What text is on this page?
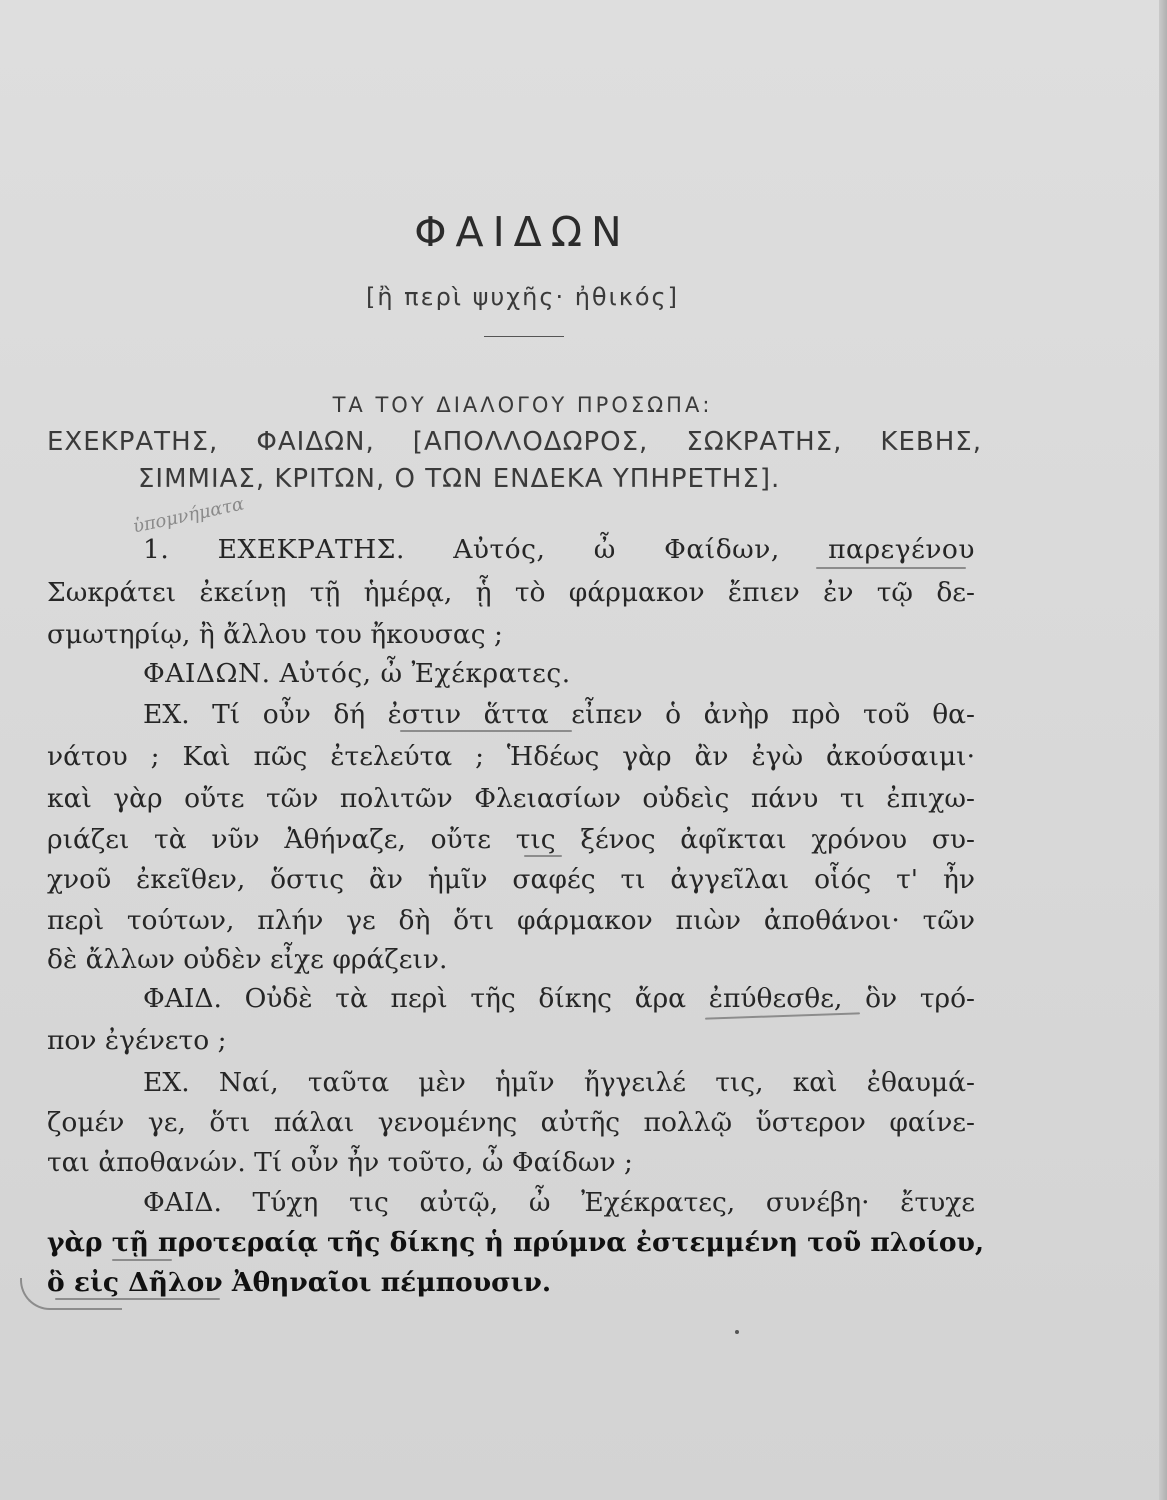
ΦΑΙΔΩΝ
[ἢ περὶ ψυχῆς· ἠθικός]
ΤΑ ΤΟΥ ΔΙΑΛΟΓΟΥ ΠΡΟΣΩΠΑ:
ΕΧΕΚΡΑΤΗΣ, ΦΑΙΔΩΝ, [ΑΠΟΛΛΟΔΩΡΟΣ, ΣΩΚΡΑΤΗΣ, ΚΕΒΗΣ,
ΣΙΜΜΙΑΣ, ΚΡΙΤΩΝ, Ο ΤΩΝ ΕΝΔΕΚΑ ΥΠΗΡΕΤΗΣ].
ὑπομνήματα
1. ΕΧΕΚΡΑΤΗΣ. Αὐτός, ὦ Φαίδων, παρεγένου
Σωκράτει ἐκείνῃ τῇ ἡμέρᾳ, ᾗ τὸ φάρμακον ἔπιεν ἐν τῷ δε-
σμωτηρίῳ, ἢ ἄλλου του ἤκουσας ;
ΦΑΙΔΩΝ. Αὐτός, ὦ Ἐχέκρατες.
ΕΧ. Τί οὖν δή ἐστιν ἅττα εἶπεν ὁ ἀνὴρ πρὸ τοῦ θα-
νάτου ; Καὶ πῶς ἐτελεύτα ; Ἡδέως γὰρ ἂν ἐγὼ ἀκούσαιμι·
καὶ γὰρ οὔτε τῶν πολιτῶν Φλειασίων οὐδεὶς πάνυ τι ἐπιχω-
ριάζει τὰ νῦν Ἀθήναζε, οὔτε τις ξένος ἀφῖκται χρόνου συ-
χνοῦ ἐκεῖθεν, ὅστις ἂν ἡμῖν σαφές τι ἀγγεῖλαι οἷός τ' ἦν
περὶ τούτων, πλήν γε δὴ ὅτι φάρμακον πιὼν ἀποθάνοι· τῶν
δὲ ἄλλων οὐδὲν εἶχε φράζειν.
ΦΑΙΔ. Οὐδὲ τὰ περὶ τῆς δίκης ἄρα ἐπύθεσθε, ὃν τρό-
πον ἐγένετο ;
ΕΧ. Ναί, ταῦτα μὲν ἡμῖν ἤγγειλέ τις, καὶ ἐθαυμά-
ζομέν γε, ὅτι πάλαι γενομένης αὐτῆς πολλῷ ὕστερον φαίνε-
ται ἀποθανών. Τί οὖν ἦν τοῦτο, ὦ Φαίδων ;
ΦΑΙΔ. Τύχη τις αὐτῷ, ὦ Ἐχέκρατες, συνέβη· ἔτυχε
γὰρ τῇ προτεραίᾳ τῆς δίκης ἡ πρύμνα ἐστεμμένη τοῦ πλοίου,
ὃ εἰς Δῆλον Ἀθηναῖοι πέμπουσιν.
